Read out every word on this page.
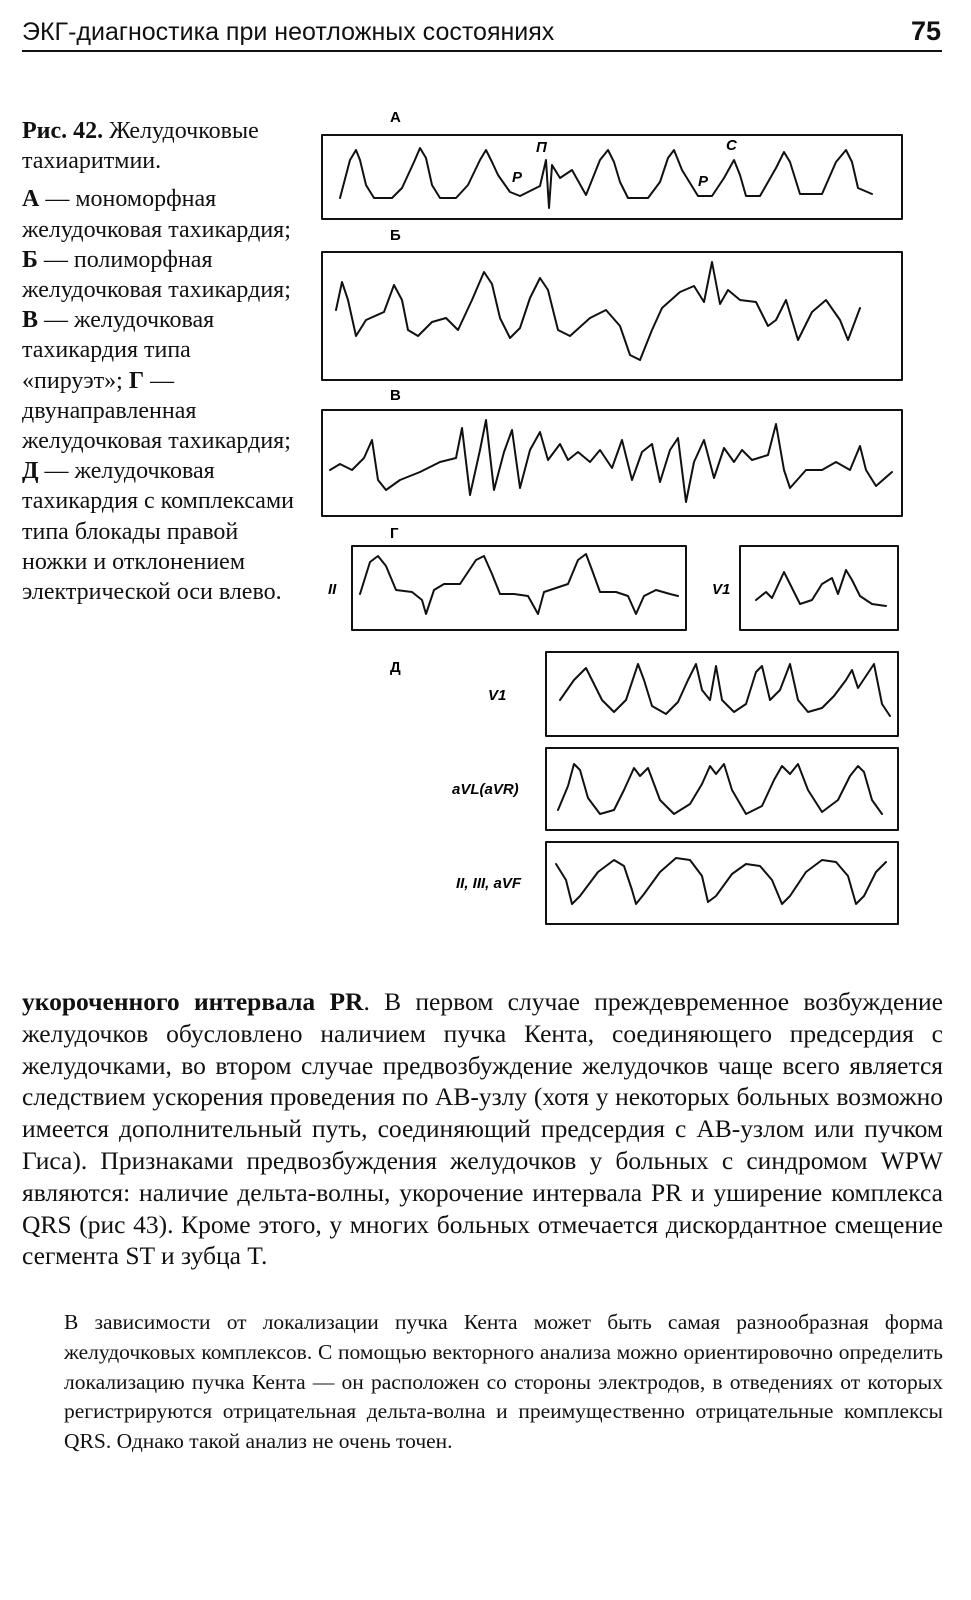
ЭКГ-диагностика при неотложных состояниях	75

Рис. 42. Желудочковые тахиаритмии.

А — мономорфная желудочковая тахикардия; Б — полиморфная желудочковая тахикардия; В — желудочковая тахикардия типа «пируэт»; Г — двунаправленная желудочковая тахикардия; Д — желудочковая тахикардия с комплексами типа блокады правой ножки и отклонением электрической оси влево.

А
Б
В
Г
Д
P	P
П	С
II	V1
V1
aVL(aVR)
II, III, aVF

укороченного интервала PR. В первом случае преждевременное возбуждение желудочков обусловлено наличием пучка Кента, соединяющего предсердия с желудочками, во втором случае предвозбуждение желудочков чаще всего является следствием ускорения проведения по АВ-узлу (хотя у некоторых больных возможно имеется дополнительный путь, соединяющий предсердия с АВ-узлом или пучком Гиса). Признаками предвозбуждения желудочков у больных с синдромом WPW являются: наличие дельта-волны, укорочение интервала PR и уширение комплекса QRS (рис 43). Кроме этого, у многих больных отмечается дискордантное смещение сегмента ST и зубца T.

В зависимости от локализации пучка Кента может быть самая разнообразная форма желудочковых комплексов. С помощью векторного анализа можно ориентировочно определить локализацию пучка Кента — он расположен со стороны электродов, в отведениях от которых регистрируются отрицательная дельта-волна и преимущественно отрицательные комплексы QRS. Однако такой анализ не очень точен.
